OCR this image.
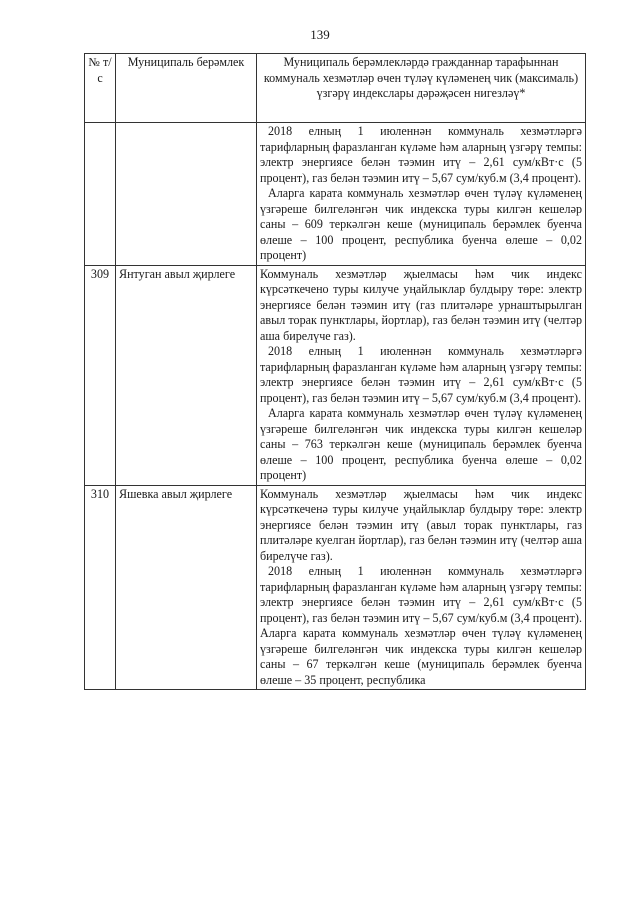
139
№ т/с	Муниципаль берәмлек	Муниципаль берәмлекләрдә гражданнар тарафыннан коммуналь хезмәтләр өчен түләү күләменең чик (максималь) үзгәрү индекслары дәрәҗәсен нигезләү*

		2018 елның 1 июленнән коммуналь хезмәтләргә тарифларның фаразланган күләме һәм аларның үзгәрү темпы: электр энергиясе белән тәэмин итү – 2,61 сум/кВт·с (5 процент), газ белән тәэмин итү – 5,67 сум/куб.м (3,4 процент).

Аларга карата коммуналь хезмәтләр өчен түләү күләменең үзгәреше билгеләнгән чик индекска туры килгән кешеләр саны – 609 теркәлгән кеше (муниципаль берәмлек буенча өлеше – 100 процент, республика буенча өлеше – 0,02 процент)

309	Янтуган авыл җирлеге	Коммуналь хезмәтләр җыелмасы һәм чик индекс күрсәткечено туры килуче уңайлыклар булдыру төре: электр энергиясе белән тәэмин итү (газ плитәләре урнаштырылган авыл торак пунктлары, йортлар), газ белән тәэмин итү (челтәр аша бирелүче газ).

2018 елның 1 июленнән коммуналь хезмәтләргә тарифларның фаразланган күләме һәм аларның үзгәрү темпы: электр энергиясе белән тәэмин итү – 2,61 сум/кВт·с (5 процент), газ белән тәэмин итү – 5,67 сум/куб.м (3,4 процент).

Аларга карата коммуналь хезмәтләр өчен түләү күләменең үзгәреше билгеләнгән чик индекска туры килгән кешеләр саны – 763 теркәлгән кеше (муниципаль берәмлек буенча өлеше – 100 процент, республика буенча өлеше – 0,02 процент)

310	Яшевка авыл җирлеге	Коммуналь хезмәтләр җыелмасы һәм чик индекс күрсәткеченә туры килуче уңайлыклар булдыру төре: электр энергиясе белән тәэмин итү (авыл торак пунктлары, газ плитәләре куелган йортлар), газ белән тәэмин итү (челтәр аша бирелүче газ).

2018 елның 1 июленнән коммуналь хезмәтләргә тарифларның фаразланган күләме һәм аларның үзгәрү темпы: электр энергиясе белән тәэмин итү – 2,61 сум/кВт·с (5 процент), газ белән тәэмин итү – 5,67 сум/куб.м (3,4 процент). Аларга карата коммуналь хезмәтләр өчен түләү күләменең үзгәреше билгеләнгән чик индекска туры килгән кешеләр саны – 67 теркәлгән кеше (муниципаль берәмлек буенча өлеше – 35 процент, республика
